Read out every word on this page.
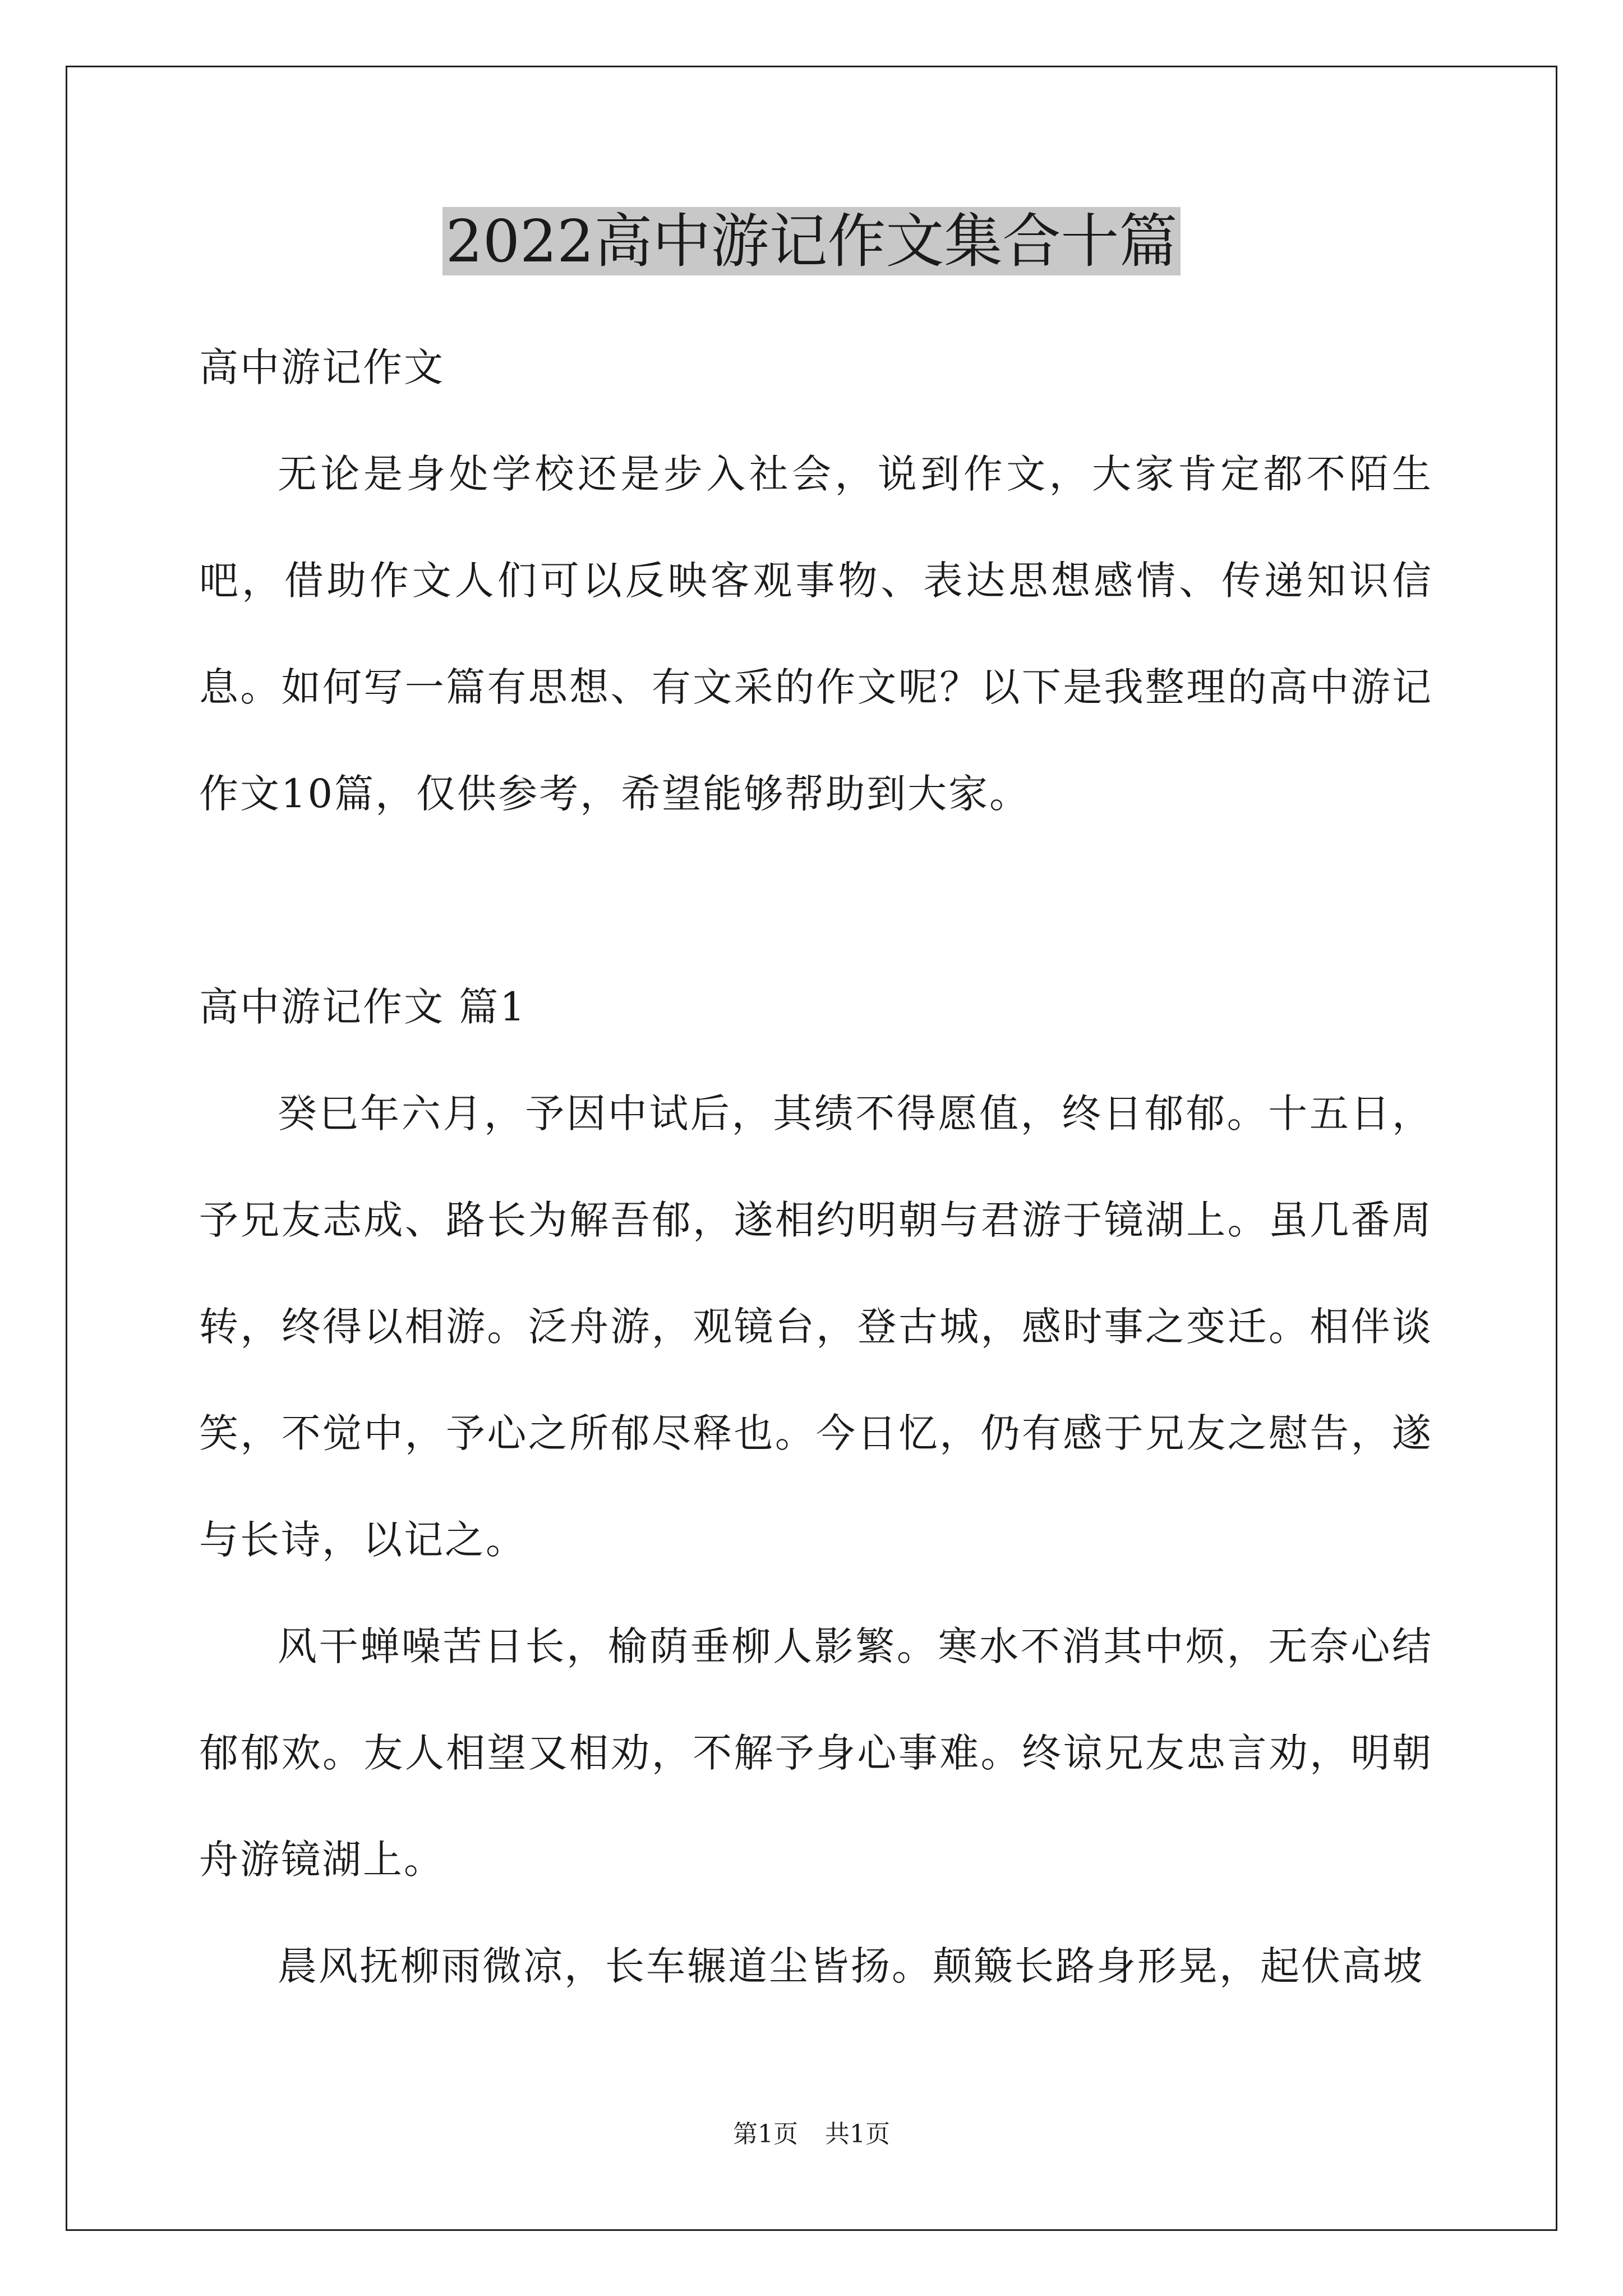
2022高中游记作文集合十篇

高中游记作文

无论是身处学校还是步入社会，说到作文，大家肯定都不陌生吧，借助作文人们可以反映客观事物、表达思想感情、传递知识信息。如何写一篇有思想、有文采的作文呢？以下是我整理的高中游记作文10篇，仅供参考，希望能够帮助到大家。

高中游记作文 篇1

癸巳年六月，予因中试后，其绩不得愿值，终日郁郁。十五日，予兄友志成、路长为解吾郁，遂相约明朝与君游于镜湖上。虽几番周转，终得以相游。泛舟游，观镜台，登古城，感时事之变迁。相伴谈笑，不觉中，予心之所郁尽释也。今日忆，仍有感于兄友之慰告，遂与长诗，以记之。

风干蝉噪苦日长，榆荫垂柳人影繁。寒水不消其中烦，无奈心结郁郁欢。友人相望又相劝，不解予身心事难。终谅兄友忠言劝，明朝舟游镜湖上。

晨风抚柳雨微凉，长车辗道尘皆扬。颠簸长路身形晃，起伏高坡

第1页 共1页
